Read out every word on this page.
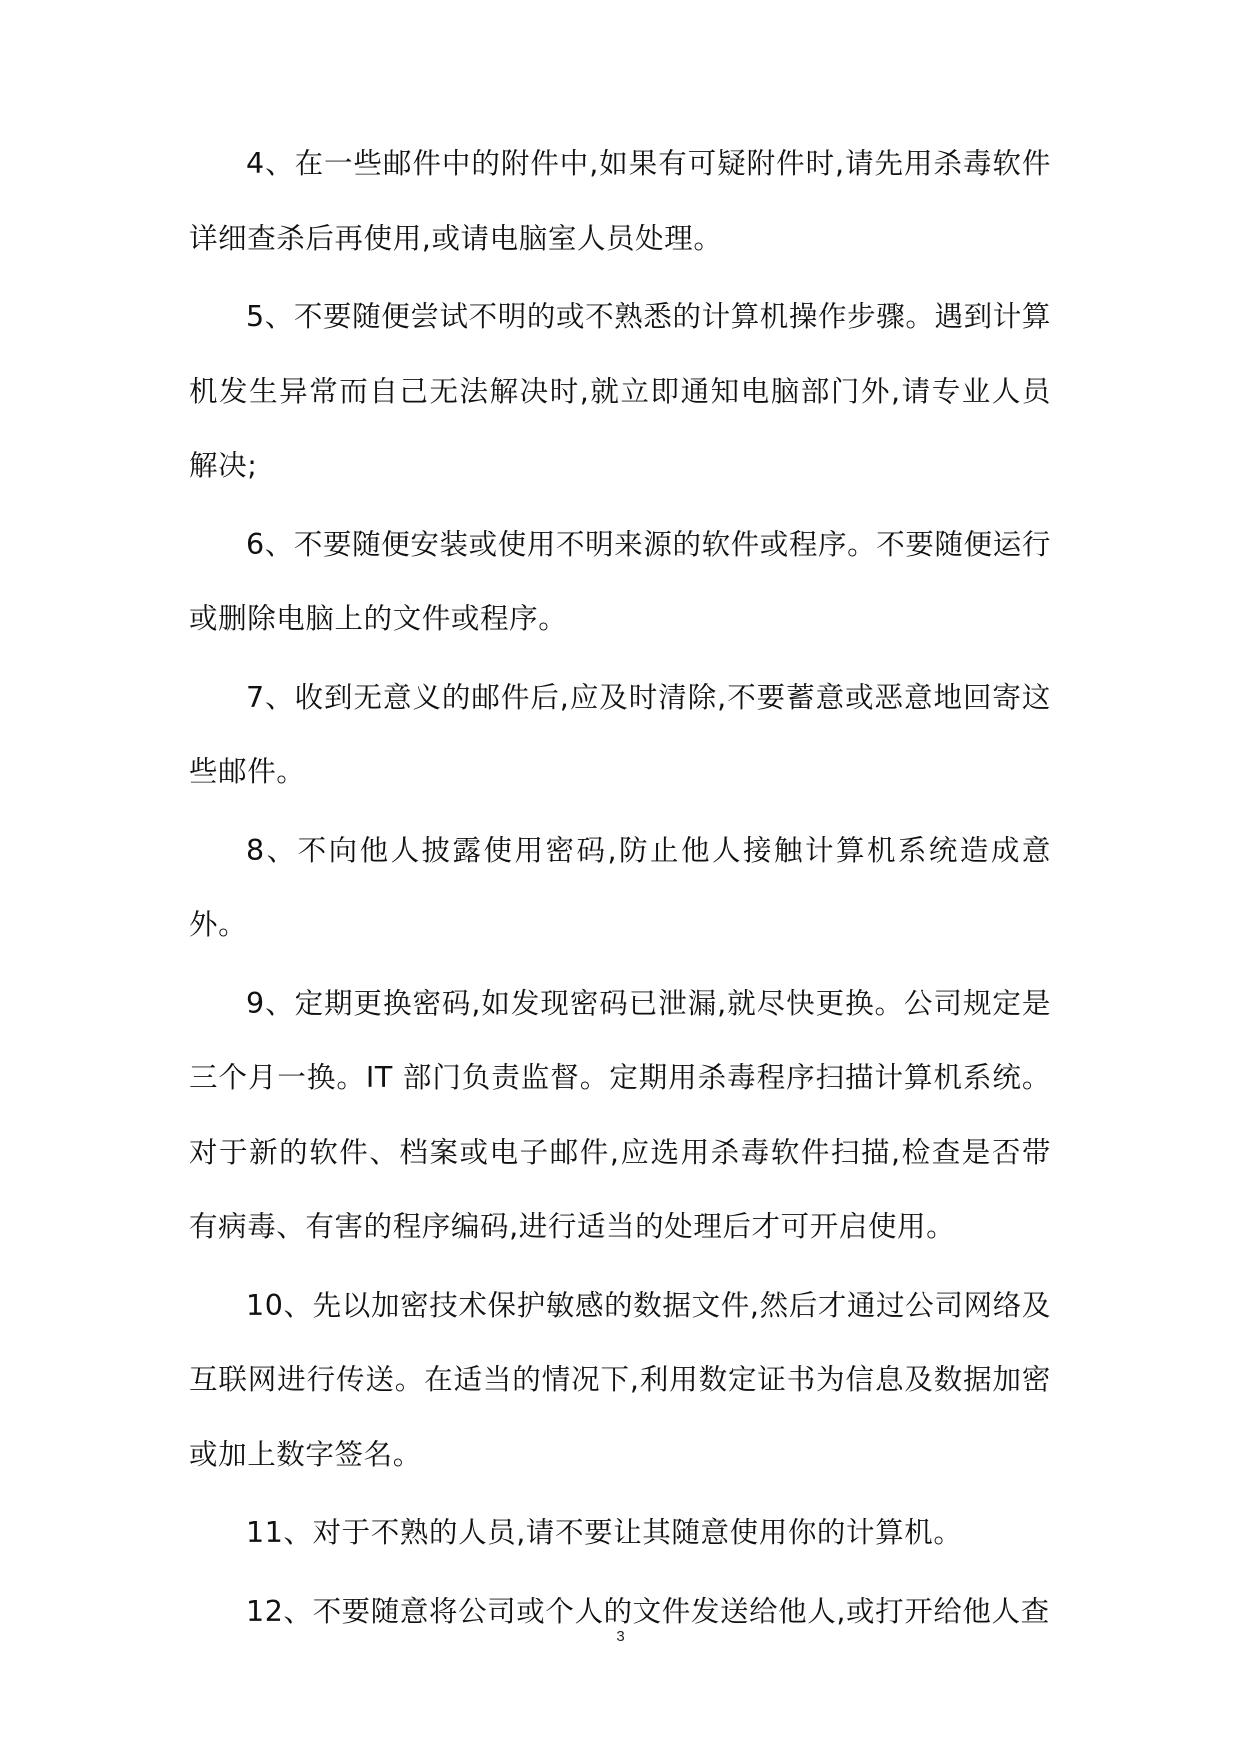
4、在一些邮件中的附件中,如果有可疑附件时,请先用杀毒软件详细查杀后再使用,或请电脑室人员处理。

5、不要随便尝试不明的或不熟悉的计算机操作步骤。遇到计算机发生异常而自己无法解决时,就立即通知电脑部门外,请专业人员解决;

6、不要随便安装或使用不明来源的软件或程序。不要随便运行或删除电脑上的文件或程序。

7、收到无意义的邮件后,应及时清除,不要蓄意或恶意地回寄这些邮件。

8、不向他人披露使用密码,防止他人接触计算机系统造成意外。

9、定期更换密码,如发现密码已泄漏,就尽快更换。公司规定是三个月一换。IT 部门负责监督。定期用杀毒程序扫描计算机系统。对于新的软件、档案或电子邮件,应选用杀毒软件扫描,检查是否带有病毒、有害的程序编码,进行适当的处理后才可开启使用。

10、先以加密技术保护敏感的数据文件,然后才通过公司网络及互联网进行传送。在适当的情况下,利用数定证书为信息及数据加密或加上数字签名。

11、对于不熟的人员,请不要让其随意使用你的计算机。

12、不要随意将公司或个人的文件发送给他人,或打开给他人查

3
